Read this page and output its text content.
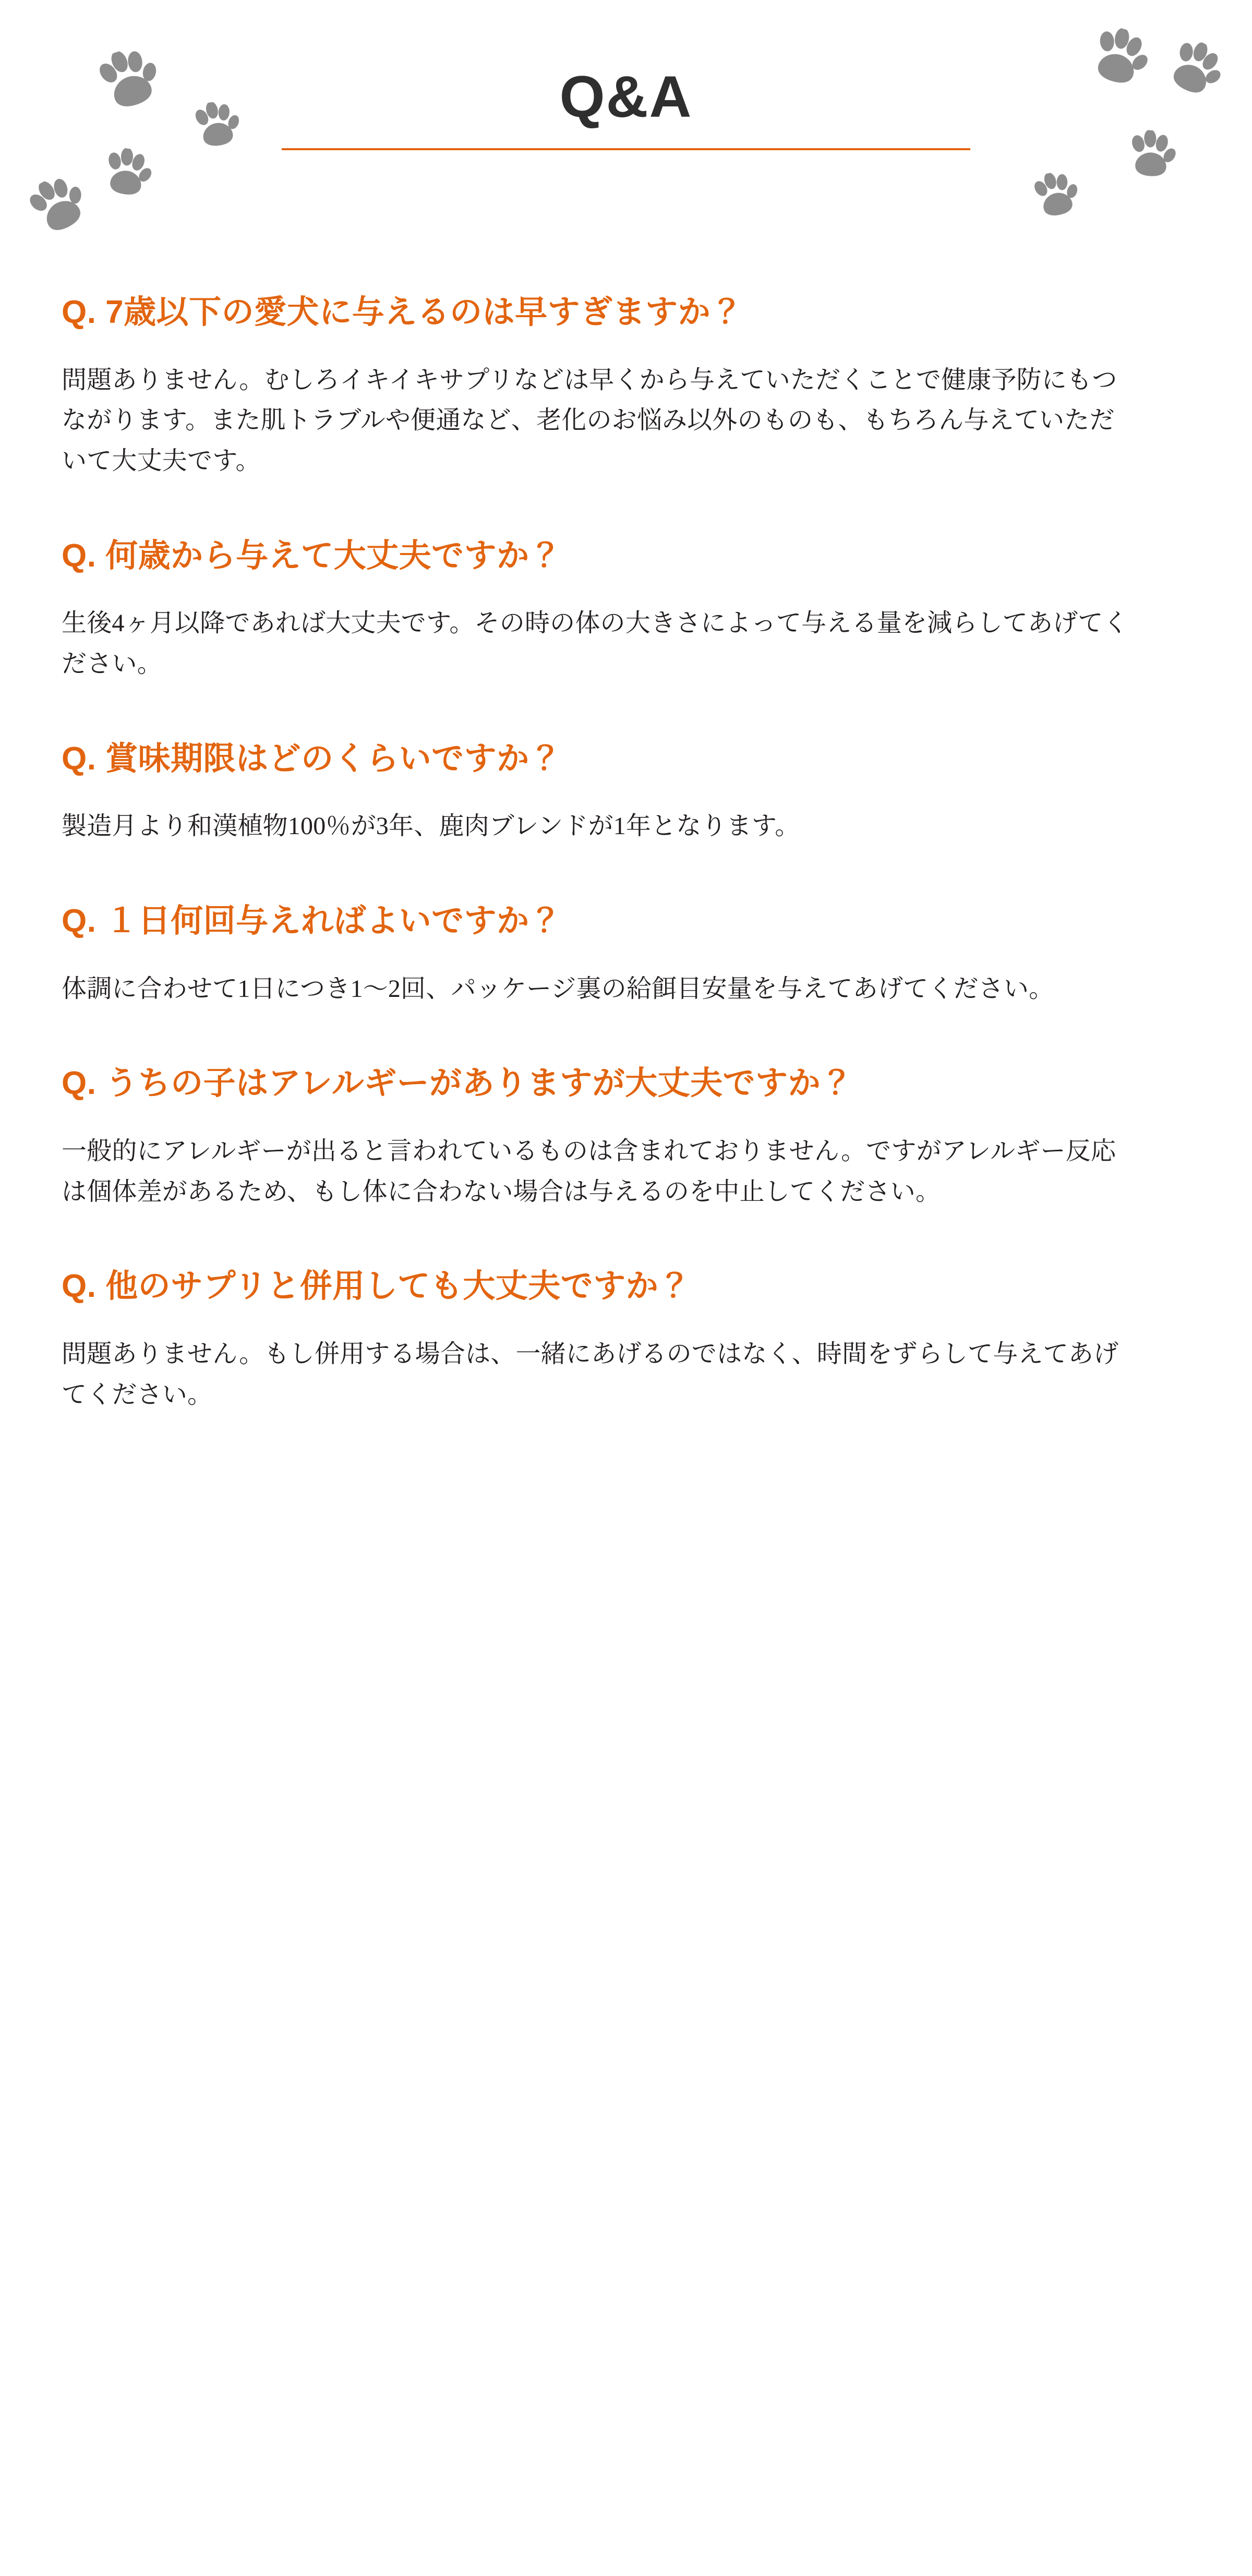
Q&A
Q. 7歳以下の愛犬に与えるのは早すぎますか？

問題ありません。むしろイキイキサプリなどは早くから与えていただくことで健康予防にもつながります。また肌トラブルや便通など、老化のお悩み以外のものも、もちろん与えていただいて大丈夫です。

Q. 何歳から与えて大丈夫ですか？

生後4ヶ月以降であれば大丈夫です。その時の体の大きさによって与える量を減らしてあげてください。

Q. 賞味期限はどのくらいですか？

製造月より和漢植物100％が3年、鹿肉ブレンドが1年となります。

Q. １日何回与えればよいですか？

体調に合わせて1日につき1〜2回、パッケージ裏の給餌目安量を与えてあげてください。

Q. うちの子はアレルギーがありますが大丈夫ですか？

一般的にアレルギーが出ると言われているものは含まれておりません。ですがアレルギー反応は個体差があるため、もし体に合わない場合は与えるのを中止してください。

Q. 他のサプリと併用しても大丈夫ですか？

問題ありません。もし併用する場合は、一緒にあげるのではなく、時間をずらして与えてあげてください。
